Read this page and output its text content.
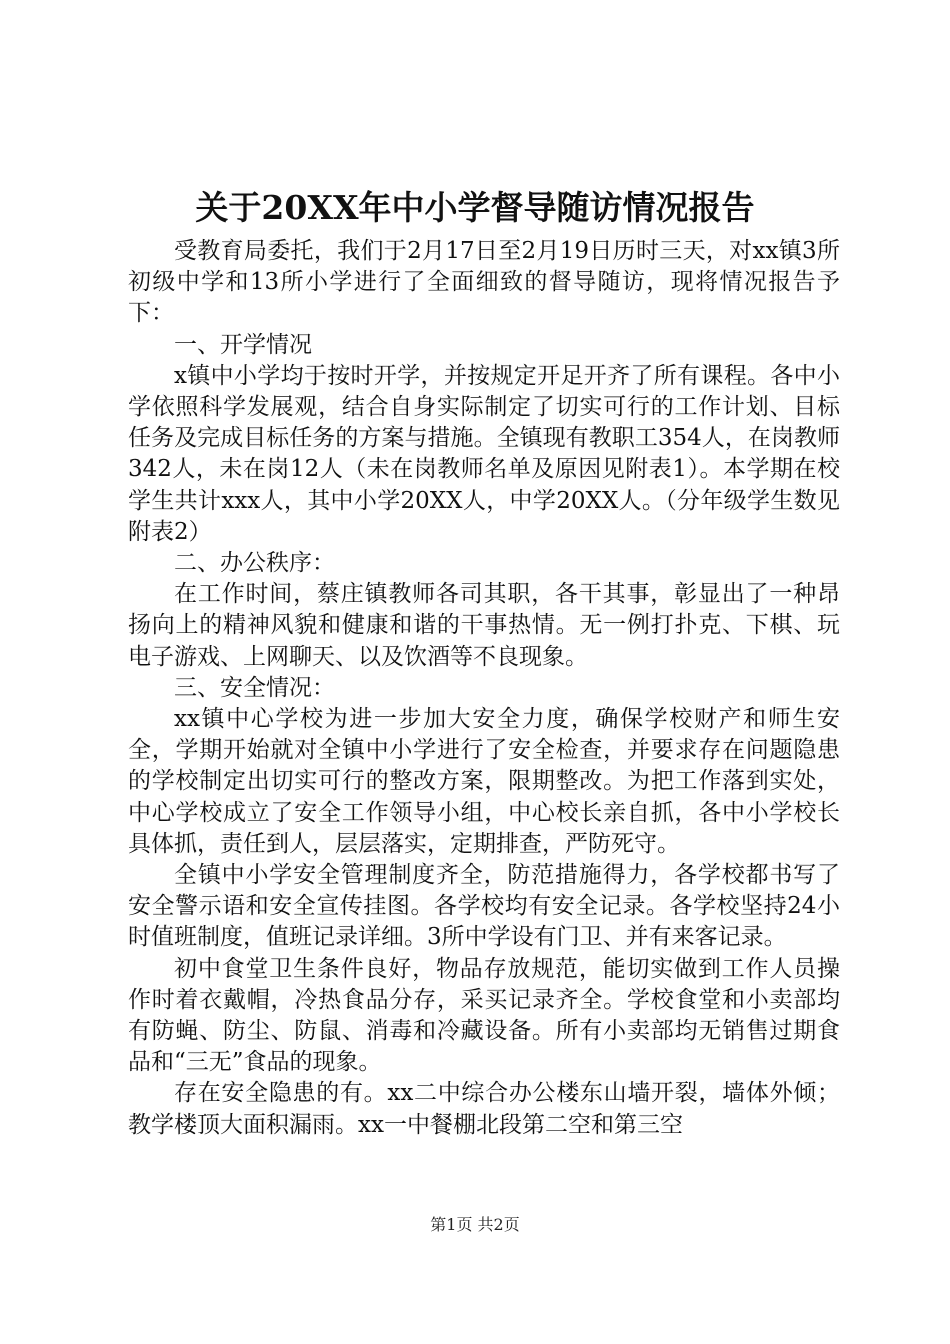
关于20XX年中小学督导随访情况报告

受教育局委托，我们于2月17日至2月19日历时三天，对xx镇3所初级中学和13所小学进行了全面细致的督导随访，现将情况报告予下：

一、开学情况

x镇中小学均于按时开学，并按规定开足开齐了所有课程。各中小学依照科学发展观，结合自身实际制定了切实可行的工作计划、目标任务及完成目标任务的方案与措施。全镇现有教职工354人，在岗教师342人，未在岗12人（未在岗教师名单及原因见附表1）。本学期在校学生共计xxx人，其中小学20XX人，中学20XX人。（分年级学生数见附表2）

二、办公秩序：

在工作时间，蔡庄镇教师各司其职，各干其事，彰显出了一种昂扬向上的精神风貌和健康和谐的干事热情。无一例打扑克、下棋、玩电子游戏、上网聊天、以及饮酒等不良现象。

三、安全情况：

xx镇中心学校为进一步加大安全力度，确保学校财产和师生安全，学期开始就对全镇中小学进行了安全检查，并要求存在问题隐患的学校制定出切实可行的整改方案，限期整改。为把工作落到实处，中心学校成立了安全工作领导小组，中心校长亲自抓，各中小学校长具体抓，责任到人，层层落实，定期排查，严防死守。

全镇中小学安全管理制度齐全，防范措施得力，各学校都书写了安全警示语和安全宣传挂图。各学校均有安全记录。各学校坚持24小时值班制度，值班记录详细。3所中学设有门卫、并有来客记录。

初中食堂卫生条件良好，物品存放规范，能切实做到工作人员操作时着衣戴帽，冷热食品分存，采买记录齐全。学校食堂和小卖部均有防蝇、防尘、防鼠、消毒和冷藏设备。所有小卖部均无销售过期食品和“三无”食品的现象。

存在安全隐患的有。xx二中综合办公楼东山墙开裂，墙体外倾；教学楼顶大面积漏雨。xx一中餐棚北段第二空和第三空

第1页 共2页
